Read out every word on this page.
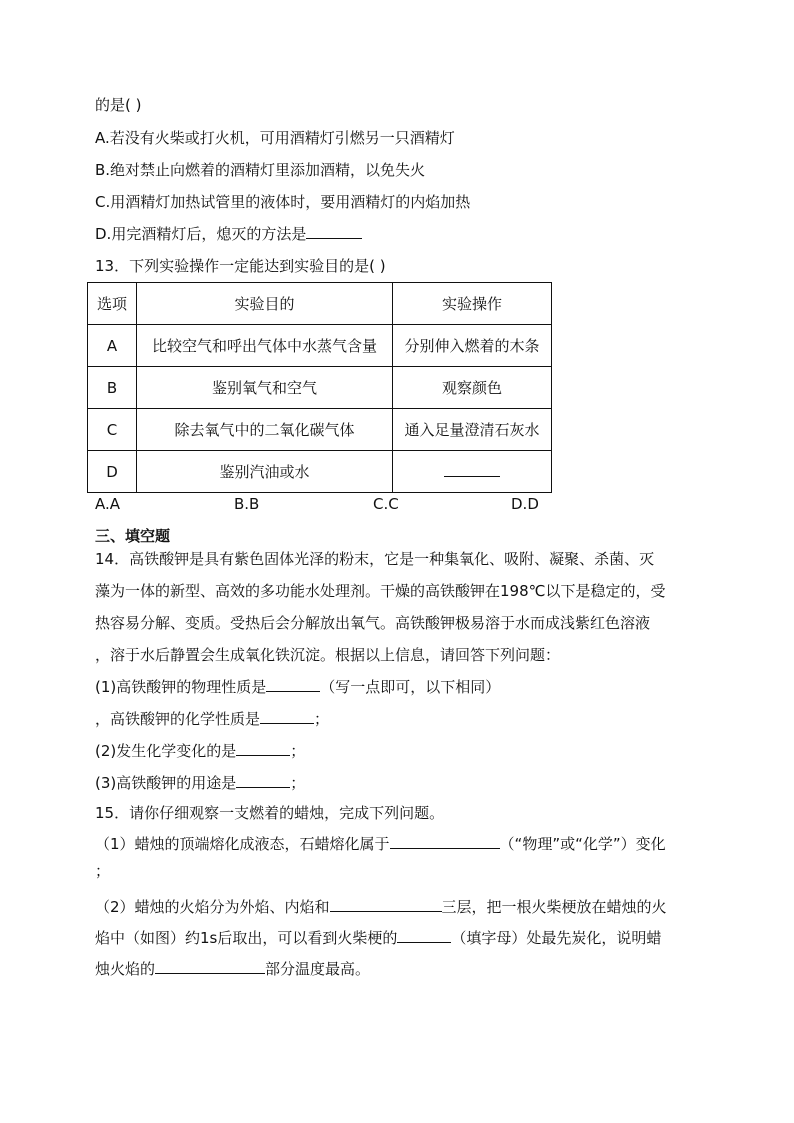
的是( )
A.若没有火柴或打火机，可用酒精灯引燃另一只酒精灯
B.绝对禁止向燃着的酒精灯里添加酒精，以免失火
C.用酒精灯加热试管里的液体时，要用酒精灯的内焰加热
D.用完酒精灯后，熄灭的方法是
13．下列实验操作一定能达到实验目的是( )
选项	实验目的	实验操作
A	比较空气和呼出气体中水蒸气含量	分别伸入燃着的木条
B	鉴别氧气和空气	观察颜色
C	除去氧气中的二氧化碳气体	通入足量澄清石灰水
D	鉴别汽油或水	
A.A	B.B	C.C	D.D
三、填空题
14．高铁酸钾是具有紫色固体光泽的粉末，它是一种集氧化、吸附、凝聚、杀菌、灭
藻为一体的新型、高效的多功能水处理剂。干燥的高铁酸钾在198℃以下是稳定的，受
热容易分解、变质。受热后会分解放出氧气。高铁酸钾极易溶于水而成浅紫红色溶液
，溶于水后静置会生成氧化铁沉淀。根据以上信息，请回答下列问题：
(1)高铁酸钾的物理性质是	（写一点即可，以下相同）
，高铁酸钾的化学性质是	；
(2)发生化学变化的是	；
(3)高铁酸钾的用途是	；
15．请你仔细观察一支燃着的蜡烛，完成下列问题。
（1）蜡烛的顶端熔化成液态，石蜡熔化属于	（“物理”或“化学”）变化
；
（2）蜡烛的火焰分为外焰、内焰和	三层，把一根火柴梗放在蜡烛的火
焰中（如图）约1s后取出，可以看到火柴梗的	（填字母）处最先炭化，说明蜡
烛火焰的	部分温度最高。
